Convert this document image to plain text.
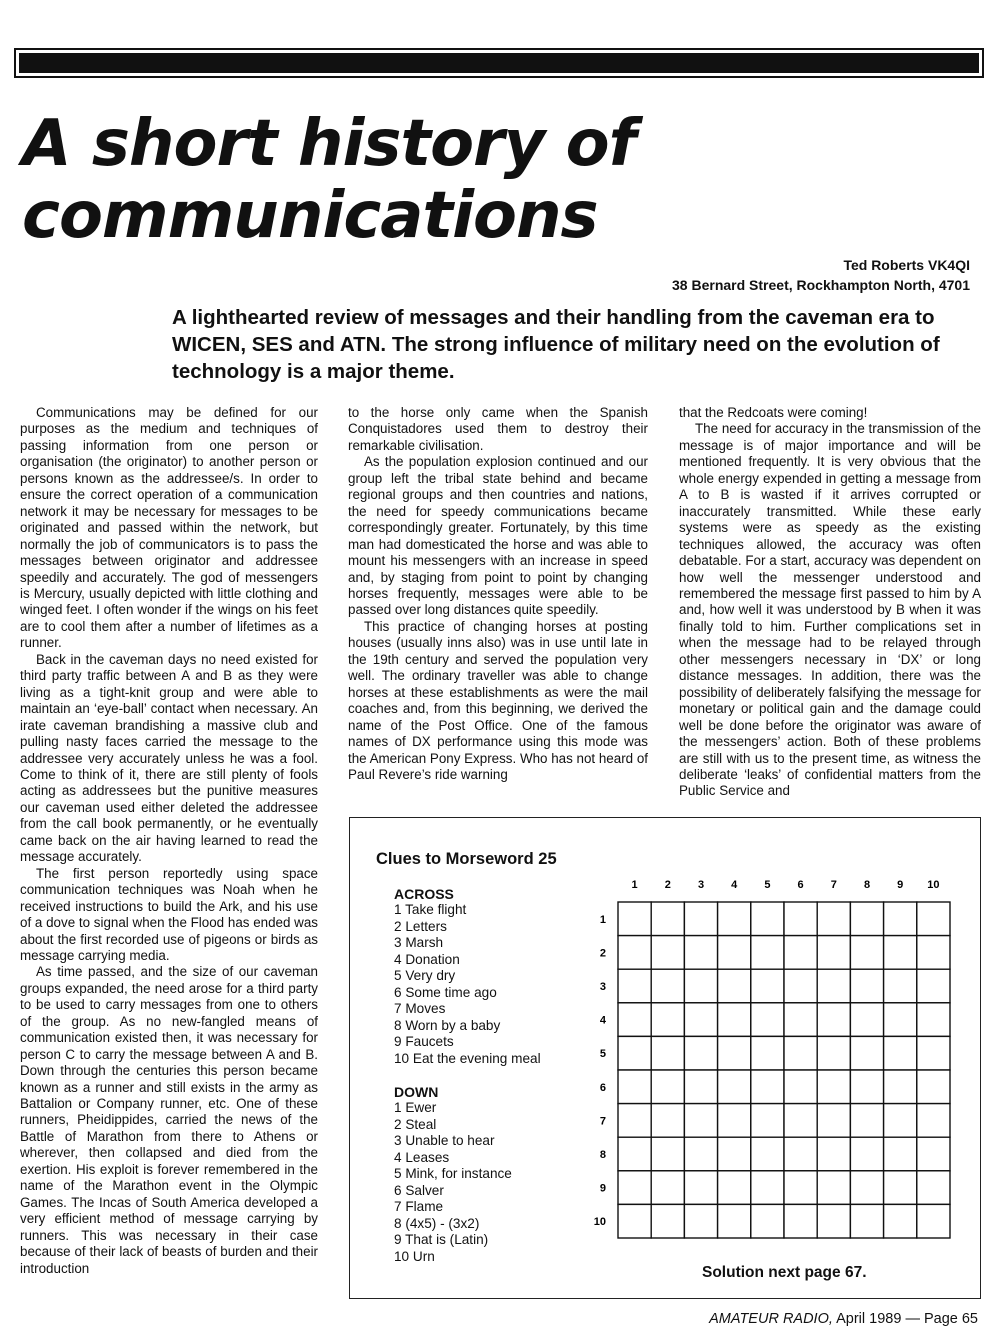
A short history of
communications
Ted Roberts VK4QI
38 Bernard Street, Rockhampton North, 4701
A lighthearted review of messages and their handling from the caveman era to WICEN, SES and ATN. The strong influence of military need on the evolution of technology is a major theme.

Communications may be defined for our purposes as the medium and techniques of passing information from one person or organisation (the originator) to another person or persons known as the addressee/s. In order to ensure the correct operation of a communication network it may be necessary for messages to be originated and passed within the network, but normally the job of communicators is to pass the messages between originator and addressee speedily and accurately. The god of messengers is Mercury, usually depicted with little clothing and winged feet. I often wonder if the wings on his feet are to cool them after a number of lifetimes as a runner.

Back in the caveman days no need existed for third party traffic between A and B as they were living as a tight-knit group and were able to maintain an ‘eye-ball’ contact when necessary. An irate caveman brandishing a massive club and pulling nasty faces carried the message to the addressee very accurately unless he was a fool. Come to think of it, there are still plenty of fools acting as addressees but the punitive measures our caveman used either deleted the addressee from the call book permanently, or he eventually came back on the air having learned to read the message accurately.

The first person reportedly using space communication techniques was Noah when he received instructions to build the Ark, and his use of a dove to signal when the Flood has ended was about the first recorded use of pigeons or birds as message carrying media.

As time passed, and the size of our caveman groups expanded, the need arose for a third party to be used to carry messages from one to others of the group. As no new-fangled means of communication existed then, it was necessary for person C to carry the message between A and B. Down through the centuries this person became known as a runner and still exists in the army as Battalion or Company runner, etc. One of these runners, Pheidippides, carried the news of the Battle of Marathon from there to Athens or wherever, then collapsed and died from the exertion. His exploit is forever remembered in the name of the Marathon event in the Olympic Games. The Incas of South America developed a very efficient method of message carrying by runners. This was necessary in their case because of their lack of beasts of burden and their introduction

to the horse only came when the Spanish Conquistadores used them to destroy their remarkable civilisation.

As the population explosion continued and our group left the tribal state behind and became regional groups and then countries and nations, the need for speedy communications became correspondingly greater. Fortunately, by this time man had domesticated the horse and was able to mount his messengers with an increase in speed and, by staging from point to point by changing horses frequently, messages were able to be passed over long distances quite speedily.

This practice of changing horses at posting houses (usually inns also) was in use until late in the 19th century and served the population very well. The ordinary traveller was able to change horses at these establishments as were the mail coaches and, from this beginning, we derived the name of the Post Office. One of the famous names of DX performance using this mode was the American Pony Express. Who has not heard of Paul Revere’s ride warning

that the Redcoats were coming!

The need for accuracy in the transmission of the message is of major importance and will be mentioned frequently. It is very obvious that the whole energy expended in getting a message from A to B is wasted if it arrives corrupted or inaccurately transmitted. While these early systems were as speedy as the existing techniques allowed, the accuracy was often debatable. For a start, accuracy was dependent on how well the messenger understood and remembered the message first passed to him by A and, how well it was understood by B when it was finally told to him. Further complications set in when the message had to be relayed through other messengers necessary in ‘DX’ or long distance messages. In addition, there was the possibility of deliberately falsifying the message for monetary or political gain and the damage could well be done before the originator was aware of the messengers’ action. Both of these problems are still with us to the present time, as witness the deliberate ‘leaks’ of confidential matters from the Public Service and

Clues to Morseword 25
ACROSS
1 Take flight
2 Letters
3 Marsh
4 Donation
5 Very dry
6 Some time ago
7 Moves
8 Worn by a baby
9 Faucets
10 Eat the evening meal
DOWN
1 Ewer
2 Steal
3 Unable to hear
4 Leases
5 Mink, for instance
6 Salver
7 Flame
8 (4x5) - (3x2)
9 That is (Latin)
10 Urn
1 2 3 4 5 6 7 8 9 10
1
2
3
4
5
6
7
8
9
10
Solution next page 67.
AMATEUR RADIO, April 1989 — Page 65
